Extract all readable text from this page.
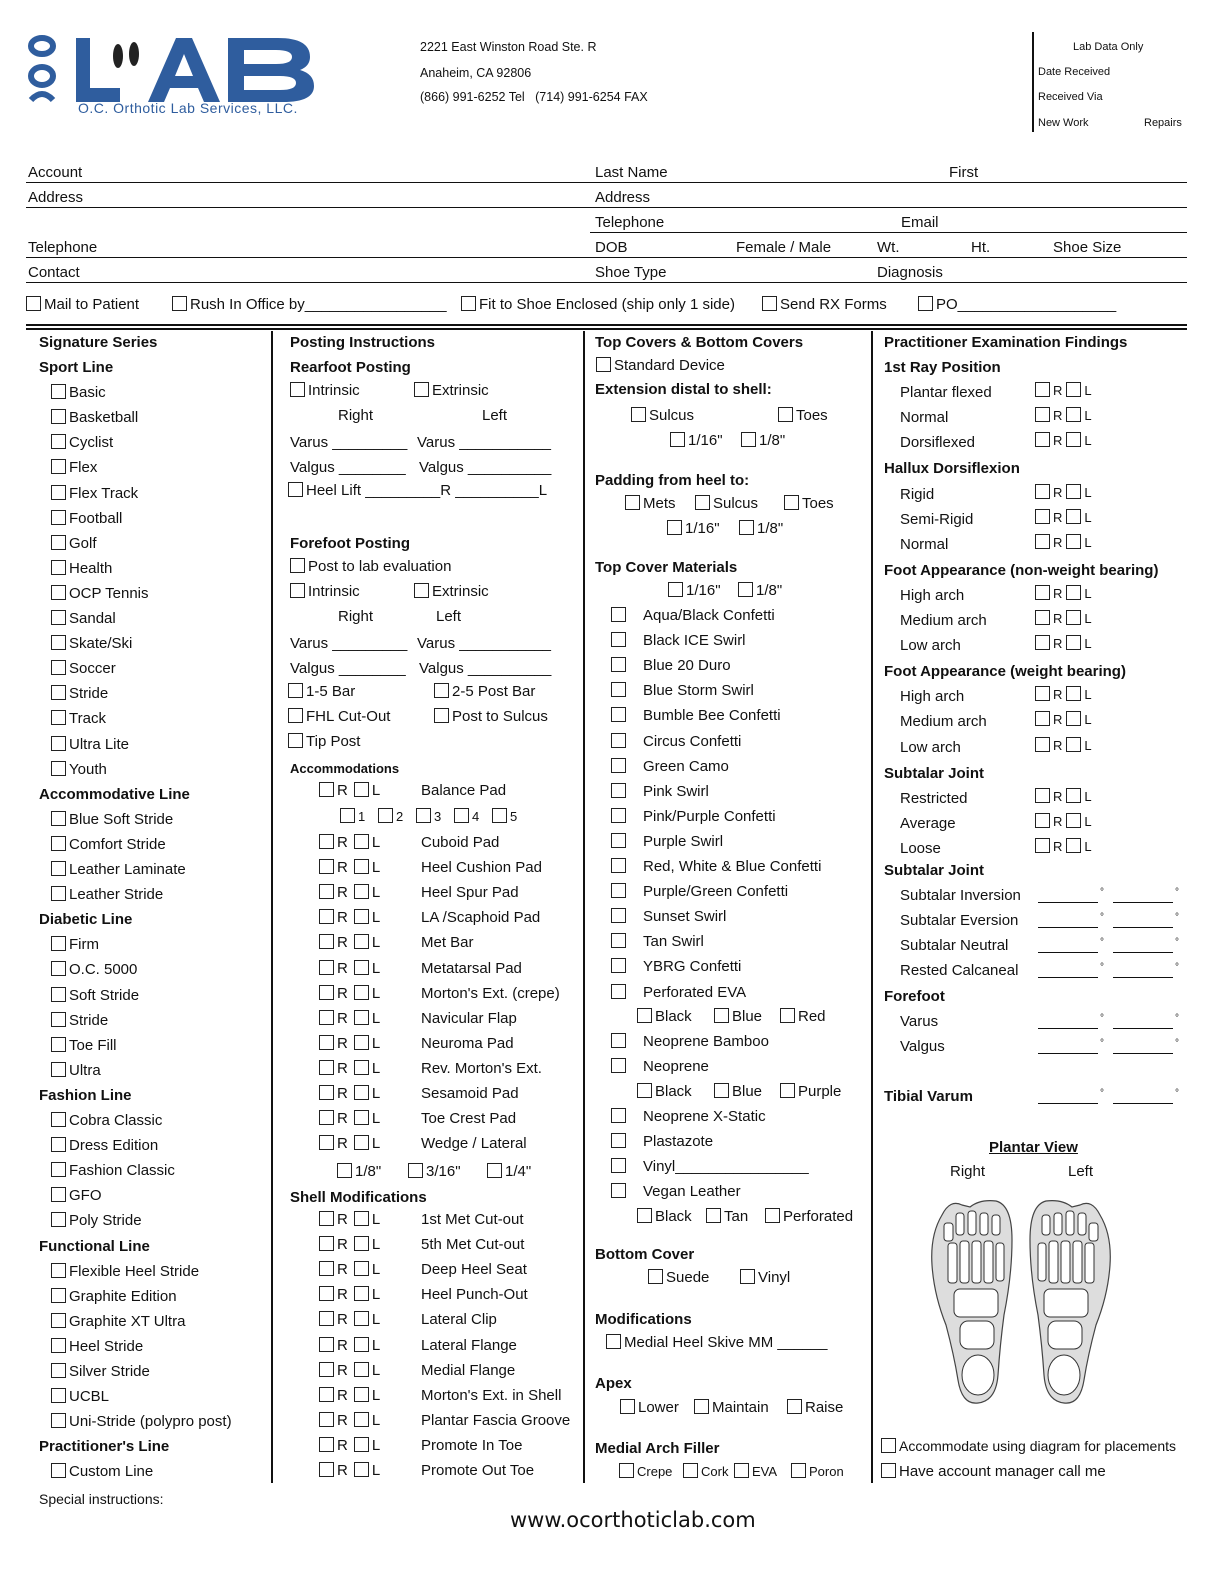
O.C. Orthotic Lab Services, LLC.
2221 East Winston Road Ste. R
Anaheim, CA 92806
(866) 991-6252 Tel   (714) 991-6254 FAX
Lab Data Only
Date Received
Received Via
New Work	Repairs
Account
Address
Telephone
Contact
Last Name	First
Address
Telephone	Email
DOB	Female / Male	Wt.	Ht.	Shoe Size
Shoe Type	Diagnosis
Mail to Patient	Rush In Office by_________________	Fit to Shoe Enclosed (ship only 1 side)	Send RX Forms	PO___________________
Signature Series
Sport Line
Basic
Basketball
Cyclist
Flex
Flex Track
Football
Golf
Health
OCP Tennis
Sandal
Skate/Ski
Soccer
Stride
Track
Ultra Lite
Youth
Accommodative Line
Blue Soft Stride
Comfort Stride
Leather Laminate
Leather Stride
Diabetic Line
Firm
O.C. 5000
Soft Stride
Stride
Toe Fill
Ultra
Fashion Line
Cobra Classic
Dress Edition
Fashion Classic
GFO
Poly Stride
Functional Line
Flexible Heel Stride
Graphite Edition
Graphite XT Ultra
Heel Stride
Silver Stride
UCBL
Uni-Stride (polypro post)
Practitioner's Line
Custom Line
Special instructions:
Posting Instructions
Rearfoot Posting
Intrinsic	Extrinsic
Right	Left
Varus _________ Varus ___________
Valgus ________ Valgus __________
Heel Lift _________R __________L
Forefoot Posting
Post to lab evaluation
Intrinsic	Extrinsic
Right	Left
Varus _________ Varus ___________
Valgus ________ Valgus __________
1-5 Bar	2-5 Post Bar
FHL Cut-Out	Post to Sulcus
Tip Post
Accommodations
R L	Balance Pad
1	2	3	4	5
R L	Cuboid Pad
R L	Heel Cushion Pad
R L	Heel Spur Pad
R L	LA /Scaphoid Pad
R L	Met Bar
R L	Metatarsal Pad
R L	Morton's Ext. (crepe)
R L	Navicular Flap
R L	Neuroma Pad
R L	Rev. Morton's Ext.
R L	Sesamoid Pad
R L	Toe Crest Pad
R L	Wedge / Lateral
1/8"	3/16"	1/4"
Shell Modifications
R L	1st Met Cut-out
R L	5th Met Cut-out
R L	Deep Heel Seat
R L	Heel Punch-Out
R L	Lateral Clip
R L	Lateral Flange
R L	Medial Flange
R L	Morton's Ext. in Shell
R L	Plantar Fascia Groove
R L	Promote In Toe
R L	Promote Out Toe
Top Covers & Bottom Covers
Standard Device
Extension distal to shell:
Sulcus	Toes
1/16"	1/8"
Padding from heel to:
Mets	Sulcus	Toes
1/16"	1/8"
Top Cover Materials
1/16"	1/8"
Aqua/Black Confetti
Black ICE Swirl
Blue 20 Duro
Blue Storm Swirl
Bumble Bee Confetti
Circus Confetti
Green Camo
Pink Swirl
Pink/Purple Confetti
Purple Swirl
Red, White & Blue Confetti
Purple/Green Confetti
Sunset Swirl
Tan Swirl
YBRG Confetti
Perforated EVA
Black	Blue	Red
Neoprene Bamboo
Neoprene
Black	Blue	Purple
Neoprene X-Static
Plastazote
Vinyl________________
Vegan Leather
Black	Tan	Perforated
Bottom Cover
Suede	Vinyl
Modifications
Medial Heel Skive MM ______
Apex
Lower	Maintain	Raise
Medial Arch Filler
Crepe	Cork	EVA	Poron
Practitioner Examination Findings
1st Ray Position
Plantar flexed	R L
Normal	R L
Dorsiflexed	R L
Hallux Dorsiflexion
Rigid	R L
Semi-Rigid	R L
Normal	R L
Foot Appearance (non-weight bearing)
High arch	R L
Medium arch	R L
Low arch	R L
Foot Appearance (weight bearing)
High arch	R L
Medium arch	R L
Low arch	R L
Subtalar Joint
Restricted	R L
Average	R L
Loose	R L
Subtalar Joint
Subtalar Inversion	°	°
Subtalar Eversion	°	°
Subtalar Neutral	°	°
Rested Calcaneal	°	°
Forefoot
Varus	°	°
Valgus	°	°
Tibial Varum	°	°
Plantar View
Right	Left
Accommodate using diagram for placements
Have account manager call me
www.ocorthoticlab.com
